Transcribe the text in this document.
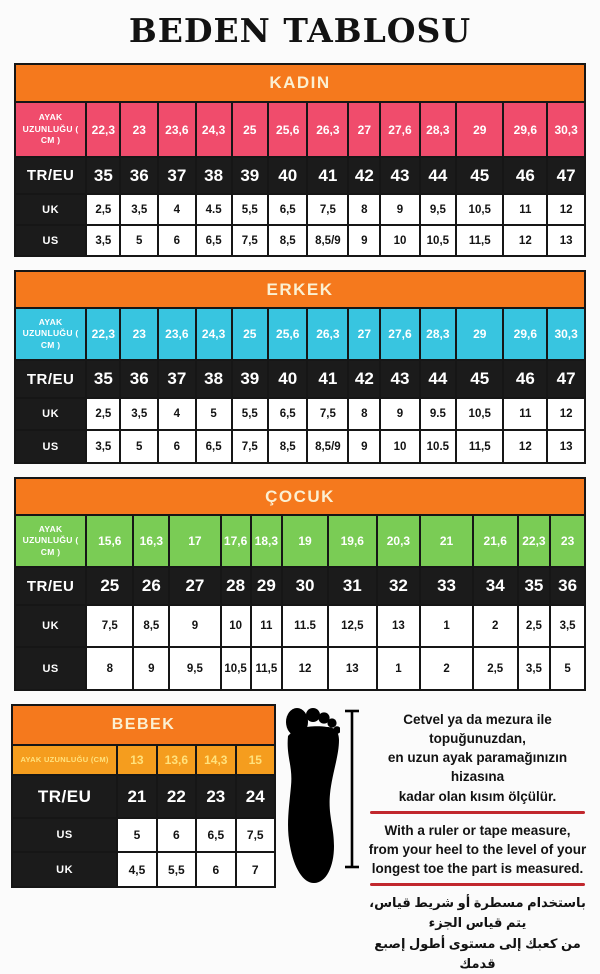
BEDEN TABLOSU
KADIN													
AYAK UZUNLUĞU ( CM )	22,3	23	23,6	24,3	25	25,6	26,3	27	27,6	28,3	29	29,6	30,3
TR/EU	35	36	37	38	39	40	41	42	43	44	45	46	47
UK	2,5	3,5	4	4.5	5,5	6,5	7,5	8	9	9,5	10,5	11	12
US	3,5	5	6	6,5	7,5	8,5	8,5/9	9	10	10,5	11,5	12	13
ERKEK													
AYAK UZUNLUĞU ( CM )	22,3	23	23,6	24,3	25	25,6	26,3	27	27,6	28,3	29	29,6	30,3
TR/EU	35	36	37	38	39	40	41	42	43	44	45	46	47
UK	2,5	3,5	4	5	5,5	6,5	7,5	8	9	9.5	10,5	11	12
US	3,5	5	6	6,5	7,5	8,5	8,5/9	9	10	10.5	11,5	12	13
ÇOCUK												
AYAK UZUNLUĞU ( CM )	15,6	16,3	17	17,6	18,3	19	19,6	20,3	21	21,6	22,3	23
TR/EU	25	26	27	28	29	30	31	32	33	34	35	36
UK	7,5	8,5	9	10	11	11.5	12,5	13	1	2	2,5	3,5
US	8	9	9,5	10,5	11,5	12	13	1	2	2,5	3,5	5
BEBEK				
AYAK UZUNLUĞU (CM)	13	13,6	14,3	15
TR/EU	21	22	23	24
US	5	6	6,5	7,5
UK	4,5	5,5	6	7
Cetvel ya da mezura ile topuğunuzdan,
en uzun ayak paramağınızın hizasına
kadar olan kısım ölçülür.
With a ruler or tape measure,
from your heel to the level of your
longest toe the part is measured.
باستخدام مسطرة أو شريط قياس، يتم قياس الجزء
من كعبك إلى مستوى أطول إصبع قدمك
